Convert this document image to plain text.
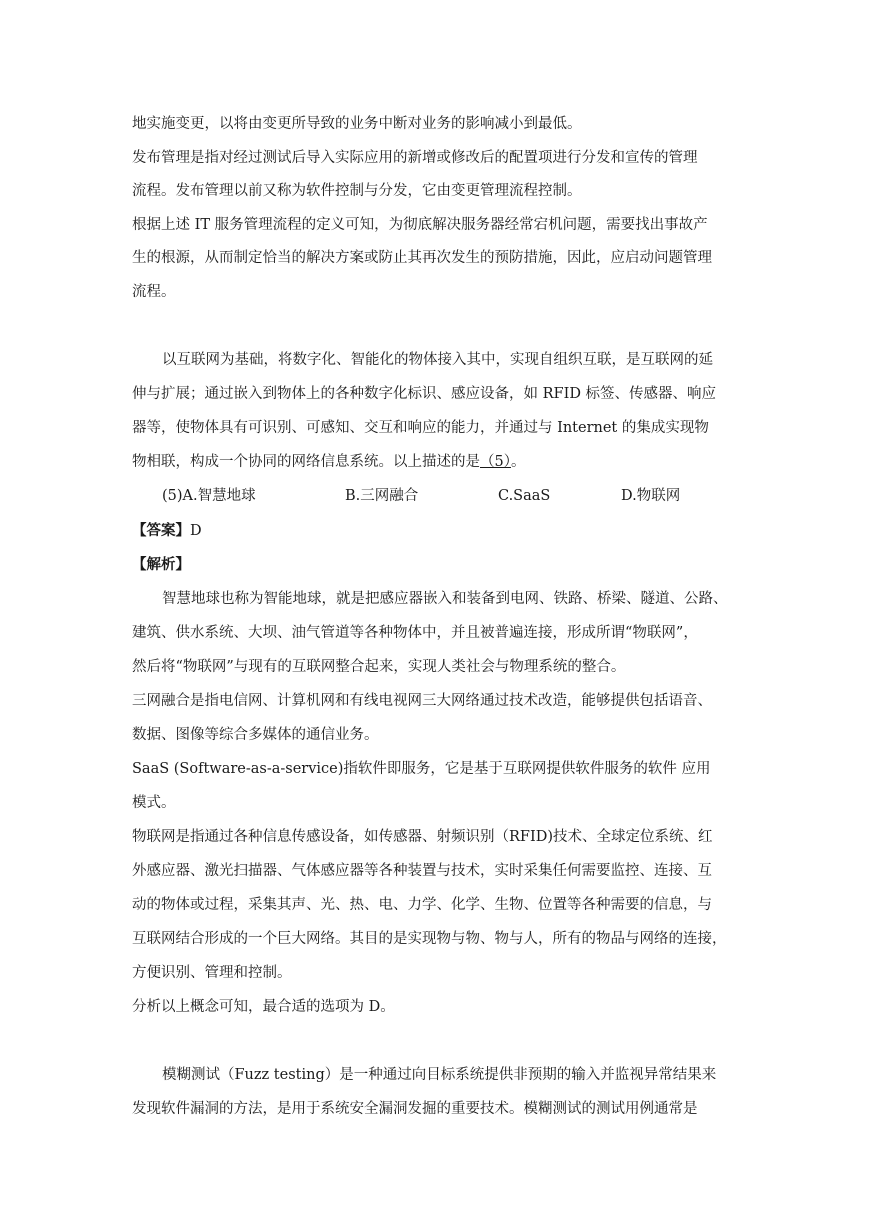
地实施变更，以将由变更所导致的业务中断对业务的影响减小到最低。
发布管理是指对经过测试后导入实际应用的新增或修改后的配置项进行分发和宣传的管理
流程。发布管理以前又称为软件控制与分发，它由变更管理流程控制。
根据上述 IT 服务管理流程的定义可知，为彻底解决服务器经常宕机问题，需要找出事故产
生的根源，从而制定恰当的解决方案或防止其再次发生的预防措施，因此，应启动问题管理
流程。
以互联网为基础，将数字化、智能化的物体接入其中，实现自组织互联，是互联网的延
伸与扩展；通过嵌入到物体上的各种数字化标识、感应设备，如 RFID 标签、传感器、响应
器等，使物体具有可识别、可感知、交互和响应的能力，并通过与 Internet 的集成实现物
物相联，构成一个协同的网络信息系统。以上描述的是（5）。
(5)A.智慧地球	B.三网融合	C.SaaS	D.物联网
【答案】D
【解析】
智慧地球也称为智能地球，就是把感应器嵌入和装备到电网、铁路、桥梁、隧道、公路、
建筑、供水系统、大坝、油气管道等各种物体中，并且被普遍连接，形成所谓“物联网”，
然后将“物联网”与现有的互联网整合起来，实现人类社会与物理系统的整合。
三网融合是指电信网、计算机网和有线电视网三大网络通过技术改造，能够提供包括语音、
数据、图像等综合多媒体的通信业务。
SaaS (Software-as-a-service)指软件即服务，它是基于互联网提供软件服务的软件 应用
模式。
物联网是指通过各种信息传感设备，如传感器、射频识别（RFID)技术、全球定位系统、红
外感应器、激光扫描器、气体感应器等各种装置与技术，实时采集任何需要监控、连接、互
动的物体或过程，采集其声、光、热、电、力学、化学、生物、位置等各种需要的信息，与
互联网结合形成的一个巨大网络。其目的是实现物与物、物与人，所有的物品与网络的连接，
方便识别、管理和控制。
分析以上概念可知，最合适的选项为 D。
模糊测试（Fuzz testing）是一种通过向目标系统提供非预期的输入并监视异常结果来
发现软件漏洞的方法，是用于系统安全漏洞发掘的重要技术。模糊测试的测试用例通常是
